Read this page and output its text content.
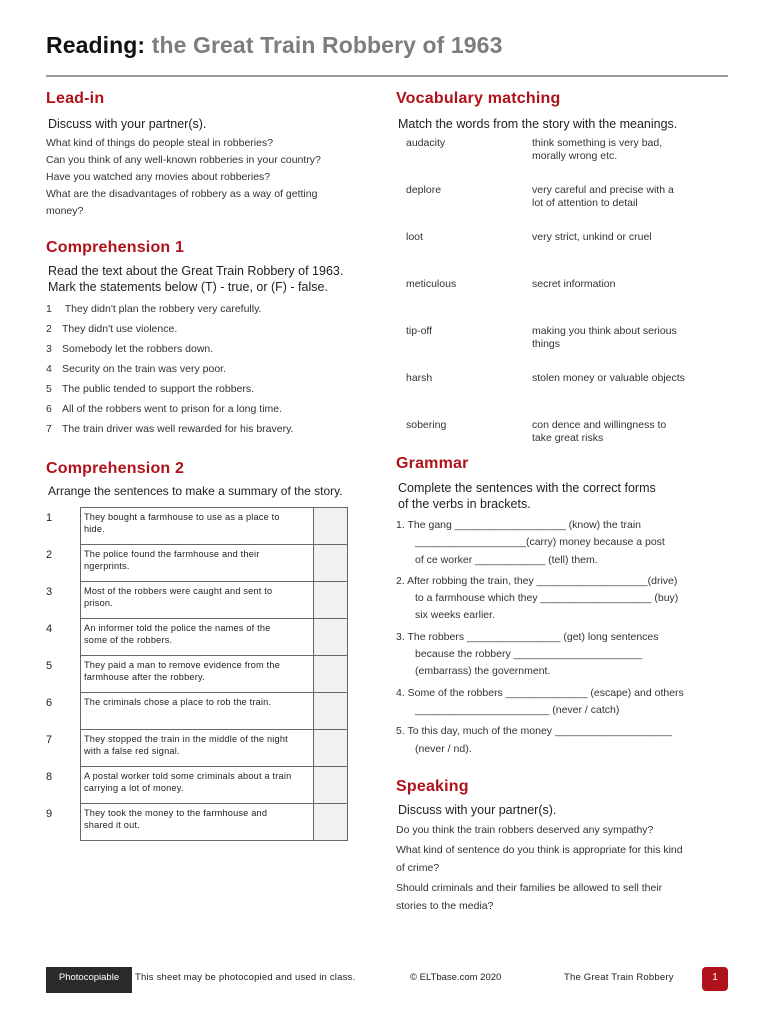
Reading: the Great Train Robbery of 1963
Lead-in
Discuss with your partner(s).
What kind of things do people steal in robberies?
Can you think of any well-known robberies in your country?
Have you watched any movies about robberies?
What are the disadvantages of robbery as a way of getting
money?
Comprehension 1
Read the text about the Great Train Robbery of 1963.
Mark the statements below (T) - true, or (F) - false.
1 They didn't plan the robbery very carefully.
2 They didn't use violence.
3 Somebody let the robbers down.
4 Security on the train was very poor.
5 The public tended to support the robbers.
6 All of the robbers went to prison for a long time.
7 The train driver was well rewarded for his bravery.
Comprehension 2
Arrange the sentences to make a summary of the story.
1	They bought a farmhouse to use as a place to
hide.	

2	The police found the farmhouse and their
ngerprints.	

3	Most of the robbers were caught and sent to
prison.	

4	An informer told the police the names of the
some of the robbers.	

5	They paid a man to remove evidence from the
farmhouse after the robbery.	

6	The criminals chose a place to rob the train.	

7	They stopped the train in the middle of the night
with a false red signal.	

8	A postal worker told some criminals about a train
carrying a lot of money.	

9	They took the money to the farmhouse and
shared it out.	

Vocabulary matching
Match the words from the story with the meanings.
audacity	think something is very bad,
morally wrong etc.
deplore	very careful and precise with a
lot of attention to detail
loot	very strict, unkind or cruel
meticulous	secret information
tip-off	making you think about serious
things
harsh	stolen money or valuable objects
sobering	con dence and willingness to
take great risks
Grammar
Complete the sentences with the correct forms
of the verbs in brackets.
1. The gang ___________________ (know) the train
___________________(carry) money because a post
of ce worker ____________ (tell) them.
2. After robbing the train, they ___________________(drive)
to a farmhouse which they ___________________ (buy)
six weeks earlier.
3. The robbers ________________ (get) long sentences
because the robbery ______________________
(embarrass) the government.
4. Some of the robbers ______________ (escape) and others
_______________________ (never / catch)
5. To this day, much of the money ____________________
(never / nd).
Speaking
Discuss with your partner(s).
Do you think the train robbers deserved any sympathy?
What kind of sentence do you think is appropriate for this kind
of crime?
Should criminals and their families be allowed to sell their
stories to the media?
Photocopiable	This sheet may be photocopied and used in class.	© ELTbase.com 2020	The Great Train Robbery	1
